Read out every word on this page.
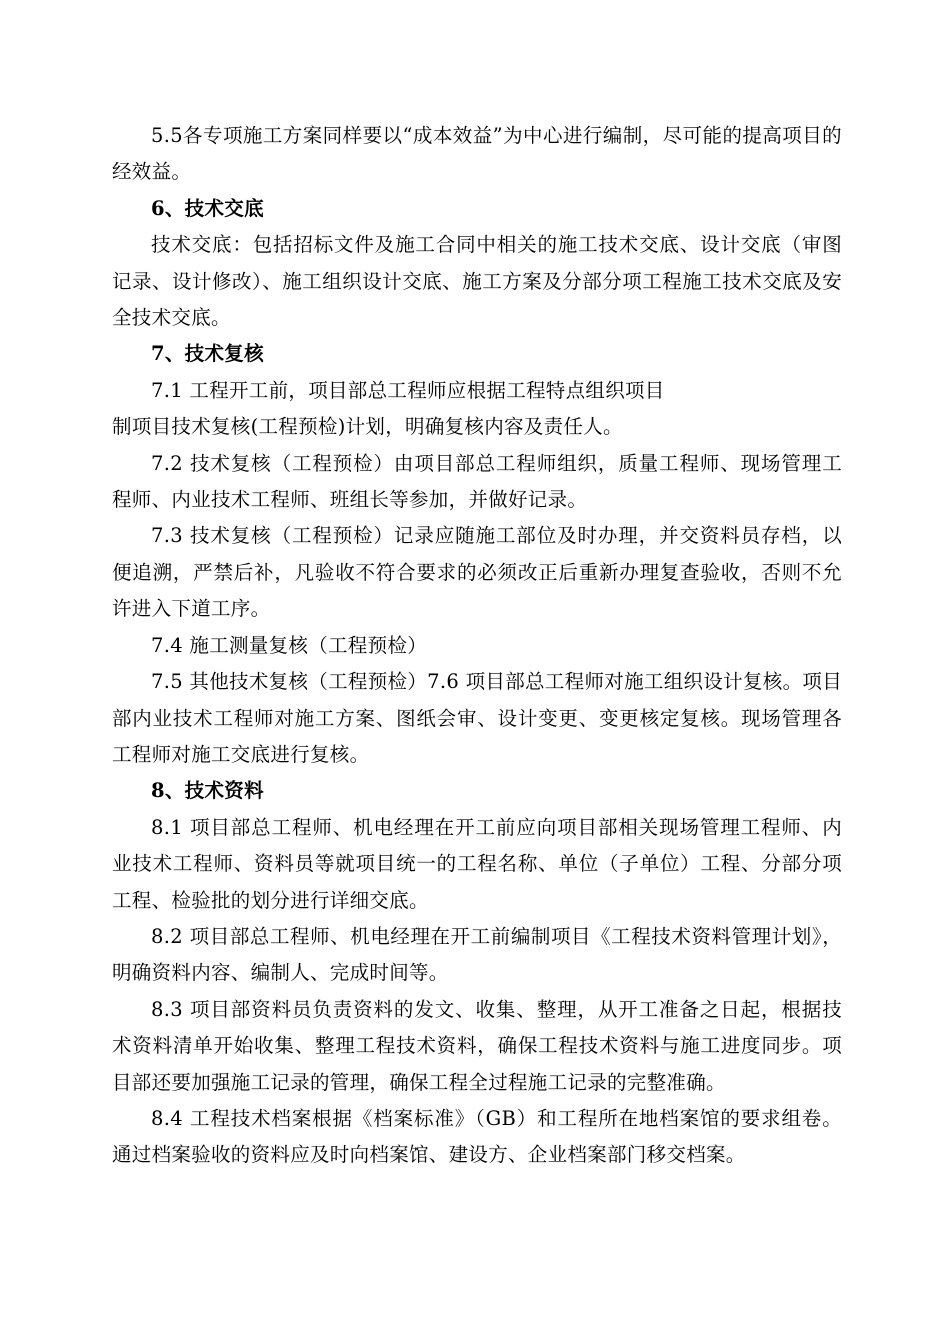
5.5各专项施工方案同样要以“成本效益”为中心进行编制，尽可能的提高项目的经效益。

6、技术交底

技术交底：包括招标文件及施工合同中相关的施工技术交底、设计交底（审图记录、设计修改）、施工组织设计交底、施工方案及分部分项工程施工技术交底及安全技术交底。

7、技术复核

7.1 工程开工前，项目部总工程师应根据工程特点组织项目

制项目技术复核(工程预检)计划，明确复核内容及责任人。

7.2 技术复核（工程预检）由项目部总工程师组织，质量工程师、现场管理工程师、内业技术工程师、班组长等参加，并做好记录。

7.3 技术复核（工程预检）记录应随施工部位及时办理，并交资料员存档，以便追溯，严禁后补，凡验收不符合要求的必须改正后重新办理复查验收，否则不允许进入下道工序。

7.4 施工测量复核（工程预检）

7.5 其他技术复核（工程预检）7.6 项目部总工程师对施工组织设计复核。项目部内业技术工程师对施工方案、图纸会审、设计变更、变更核定复核。现场管理各工程师对施工交底进行复核。

8、技术资料

8.1 项目部总工程师、机电经理在开工前应向项目部相关现场管理工程师、内业技术工程师、资料员等就项目统一的工程名称、单位（子单位）工程、分部分项工程、检验批的划分进行详细交底。

8.2 项目部总工程师、机电经理在开工前编制项目《工程技术资料管理计划》，明确资料内容、编制人、完成时间等。

8.3 项目部资料员负责资料的发文、收集、整理，从开工准备之日起，根据技术资料清单开始收集、整理工程技术资料，确保工程技术资料与施工进度同步。项目部还要加强施工记录的管理，确保工程全过程施工记录的完整准确。

8.4 工程技术档案根据《档案标准》（GB）和工程所在地档案馆的要求组卷。通过档案验收的资料应及时向档案馆、建设方、企业档案部门移交档案。
